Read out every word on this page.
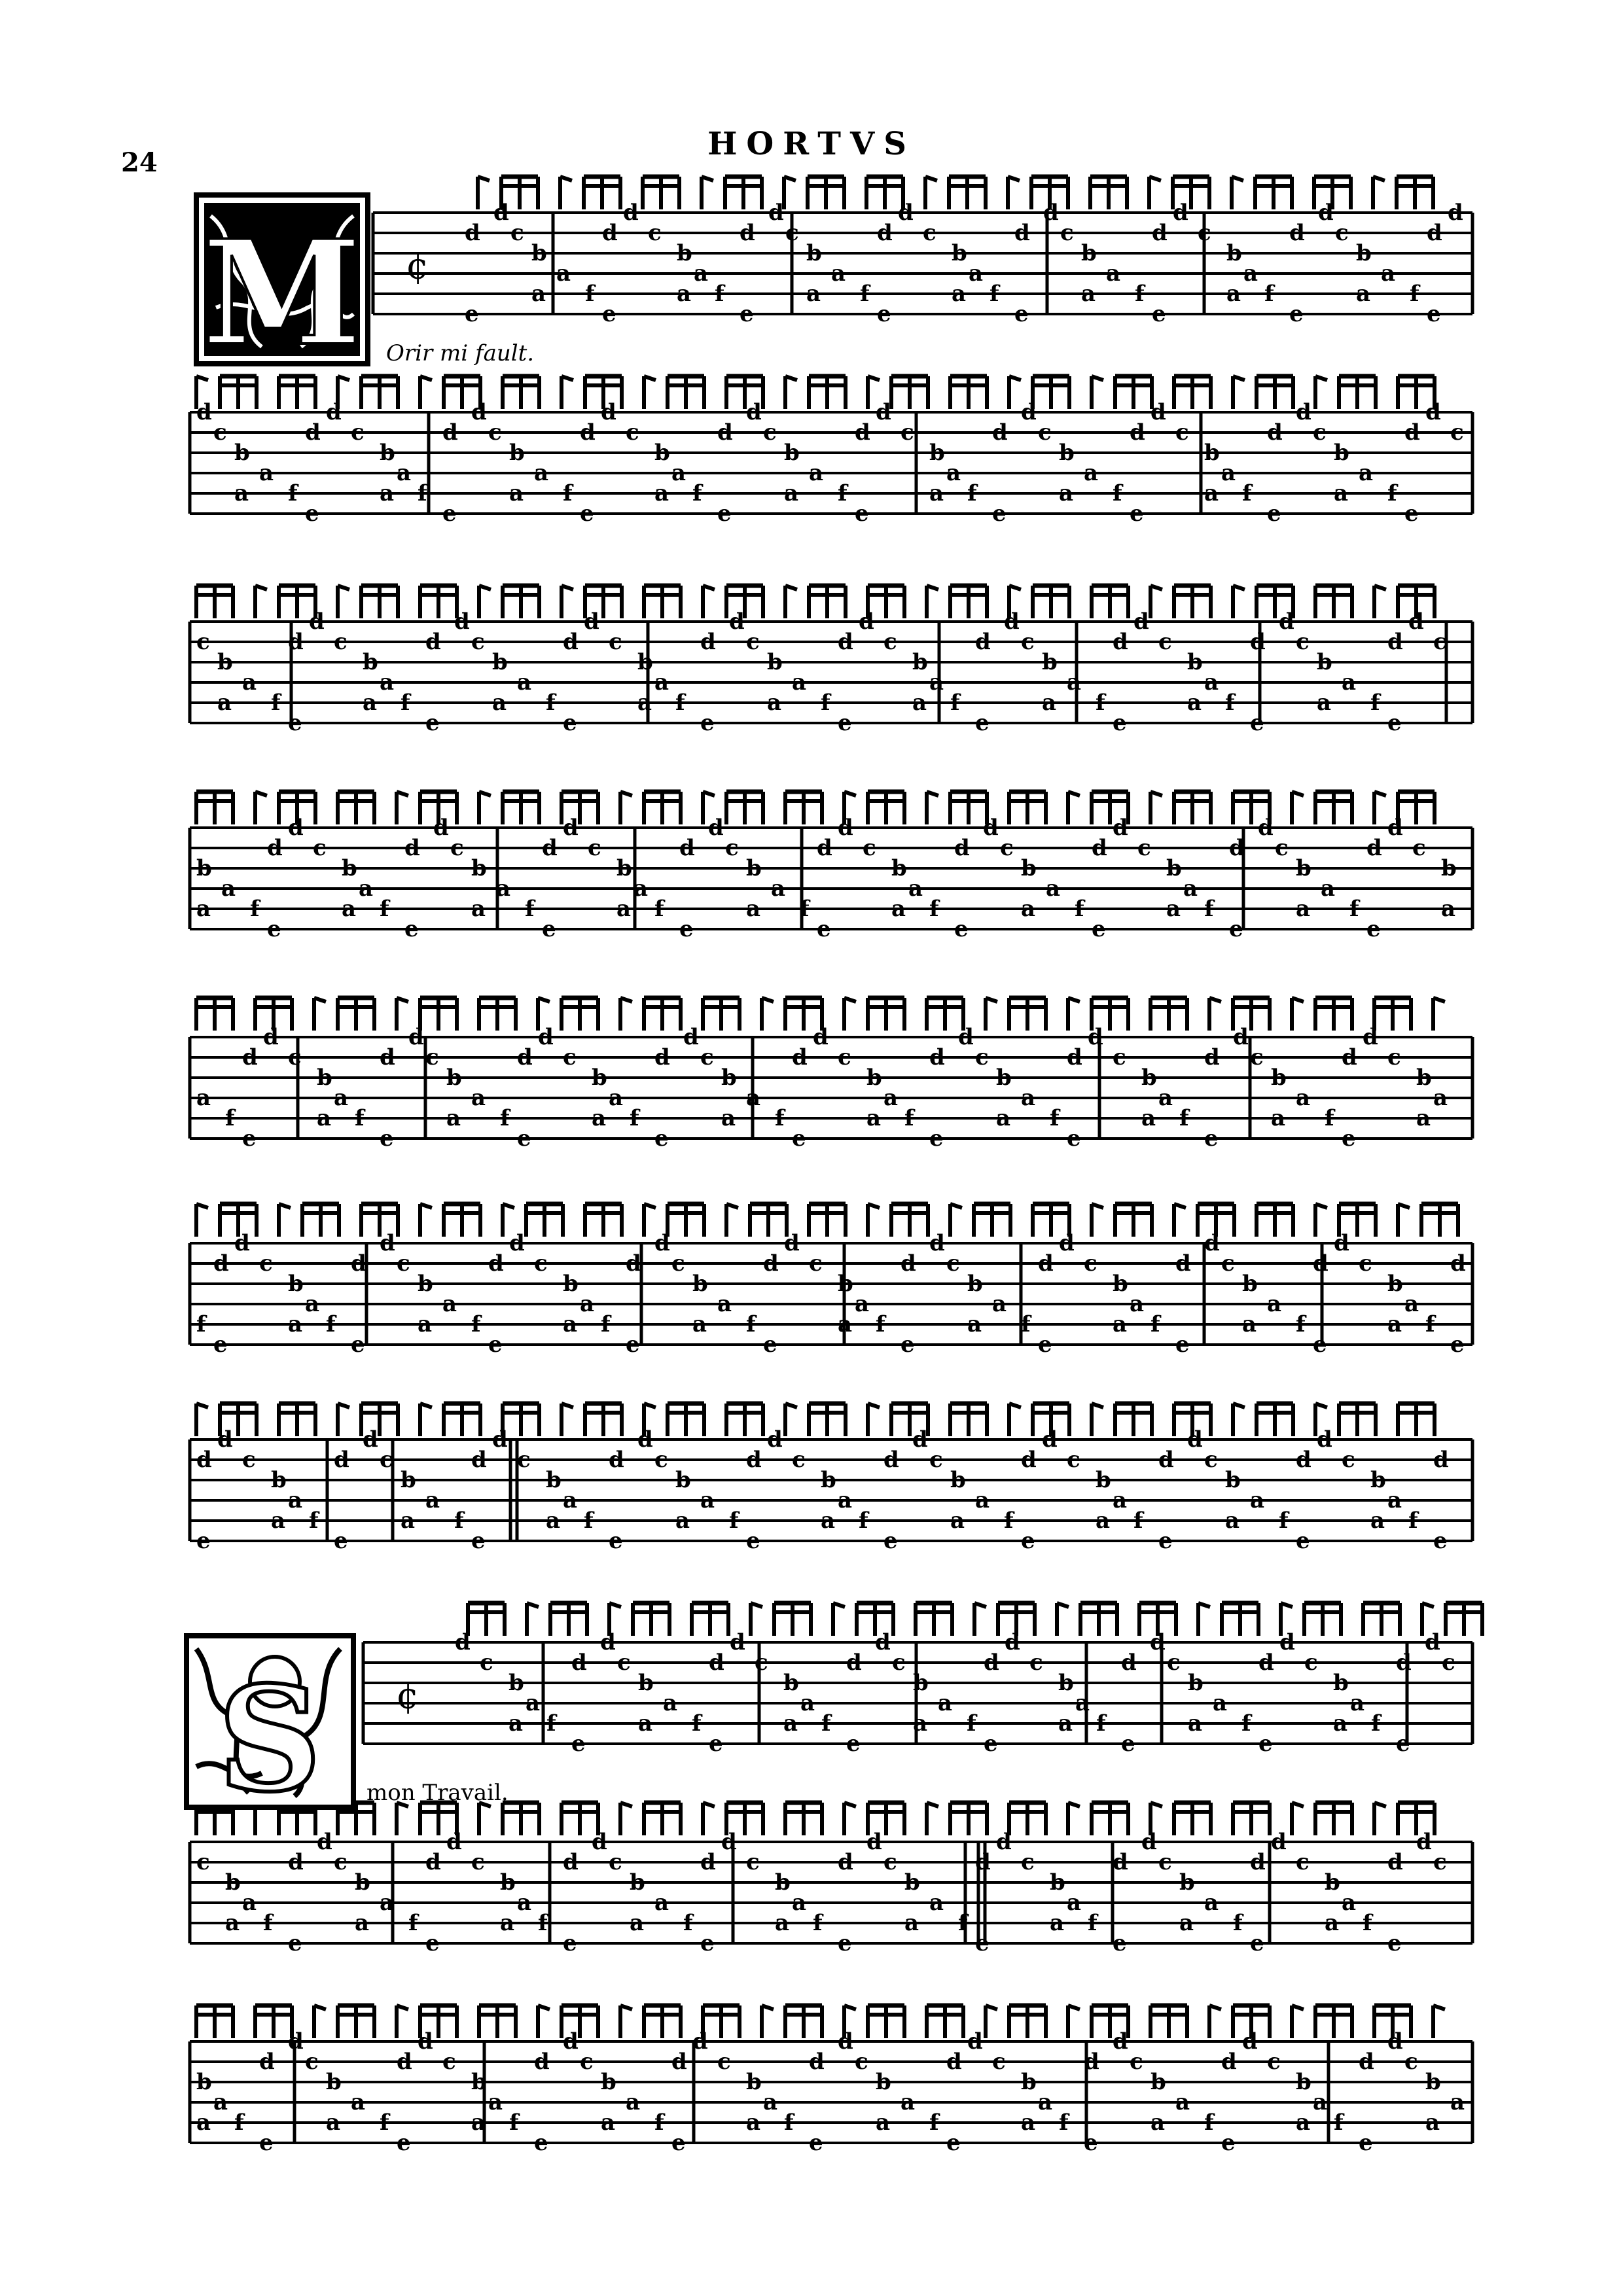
24
HORTVS
¢
e
d
d
c
b
a
a
f
e
d
d
c
b
a
a
f
e
d
d
c
b
a
a
f
e
d
d
c
b
a
a
f
e
d
d
c
b
a
a
f
e
d
d
c
b
a
a
f
e
d
d
c
b
a
a
f
e
d
d
d
c
b
a
a
f
e
d
d
c
b
a
a
f
e
d
d
c
b
a
a
f
e
d
d
c
b
a
a
f
e
d
d
c
b
a
a
f
e
d
d
c
b
a
a
f
e
d
d
c
b
a
a
f
e
d
d
c
b
a
a
f
e
d
d
c
b
a
a
f
e
d
d
c
c
b
a
a
f
e
d
d
c
b
a
a
f
e
d
d
c
b
a
a
f
e
d
d
c
b
a
a
f
e
d
d
c
b
a
a
f
e
d
d
c
b
a
a
f
e
d
d
c
b
a
a
f
e
d
d
c
b
a
a
f
e
d
d
c
b
a
a
f
e
d
d
c
b
a
a
f
e
d
d
c
b
a
a
f
e
d
d
c
b
a
a
f
e
d
d
c
b
a
a
f
e
d
d
c
b
a
a
f
e
d
d
c
b
a
a
f
e
d
d
c
b
a
a
f
e
d
d
c
b
a
a
f
e
d
d
c
b
a
a
f
e
d
d
c
b
a
a
f
e
d
d
c
b
a
a
f
e
d
d
c
b
a
a
f
e
d
d
c
b
a
a
f
e
d
d
c
b
a
a
f
e
d
d
c
b
a
a
f
e
d
d
c
b
a
a
f
e
d
d
c
b
a
a
f
e
d
d
c
b
a
a
f
e
d
d
c
b
a
a
f
e
d
d
c
b
a
a
f
e
d
d
c
b
a
a
f
e
d
d
c
b
a
a
f
e
d
d
c
b
a
a
f
e
d
d
c
b
a
a
f
e
d
d
c
b
a
a
f
e
d
d
c
b
a
a
f
e
d
d
c
b
a
a
f
e
d
d
c
b
a
a
f
e
d
e
d
d
c
b
a
a
f
e
d
d
c
b
a
a
f
e
d
d
c
b
a
a
f
e
d
d
c
b
a
a
f
e
d
d
c
b
a
a
f
e
d
d
c
b
a
a
f
e
d
d
c
b
a
a
f
e
d
d
c
b
a
a
f
e
d
d
c
b
a
a
f
e
d
¢
d
c
b
a
a
f
e
d
d
c
b
a
a
f
e
d
d
c
b
a
a
f
e
d
d
c
b
a
a
f
e
d
d
c
b
a
a
f
e
d
d
c
b
a
a
f
e
d
d
c
b
a
a
f
e
d
d
c
c
b
a
a
f
e
d
d
c
b
a
a
f
e
d
d
c
b
a
a
f
e
d
d
c
b
a
a
f
e
d
d
c
b
a
a
f
e
d
d
c
b
a
a
f
e
d
d
c
b
a
a
f
e
d
d
c
b
a
a
f
e
d
d
c
b
a
a
f
e
d
d
c
b
a
a
f
e
d
d
c
b
a
a
f
e
d
d
c
b
a
a
f
e
d
d
c
b
a
a
f
e
d
d
c
b
a
a
f
e
d
d
c
b
a
a
f
e
d
d
c
b
a
a
f
e
d
d
c
b
a
a
f
e
d
d
c
b
a
a
f
e
d
d
c
b
a
a
M
S
Orir mi fault.
mon Travail.
